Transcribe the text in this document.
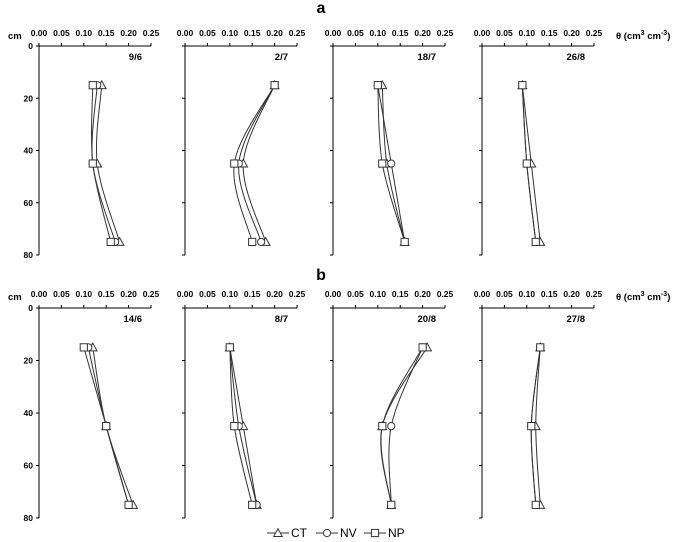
a
cm	θ ($cm^3$ $cm^{-3}$)
0.00 0.05 0.10 0.15 0.20 0.25
0
20
40
60
80
9/6
0.00 0.05 0.10 0.15 0.20 0.25
2/7
0.00 0.05 0.10 0.15 0.20 0.25
18/7
0.00 0.05 0.10 0.15 0.20 0.25
26/8
b
cm	θ ($cm^3$ $cm^{-3}$)
0.00 0.05 0.10 0.15 0.20 0.25
0
20
40
60
80
14/6
0.00 0.05 0.10 0.15 0.20 0.25
8/7
0.00 0.05 0.10 0.15 0.20 0.25
20/8
0.00 0.05 0.10 0.15 0.20 0.25
27/8
CT	NV	NP
